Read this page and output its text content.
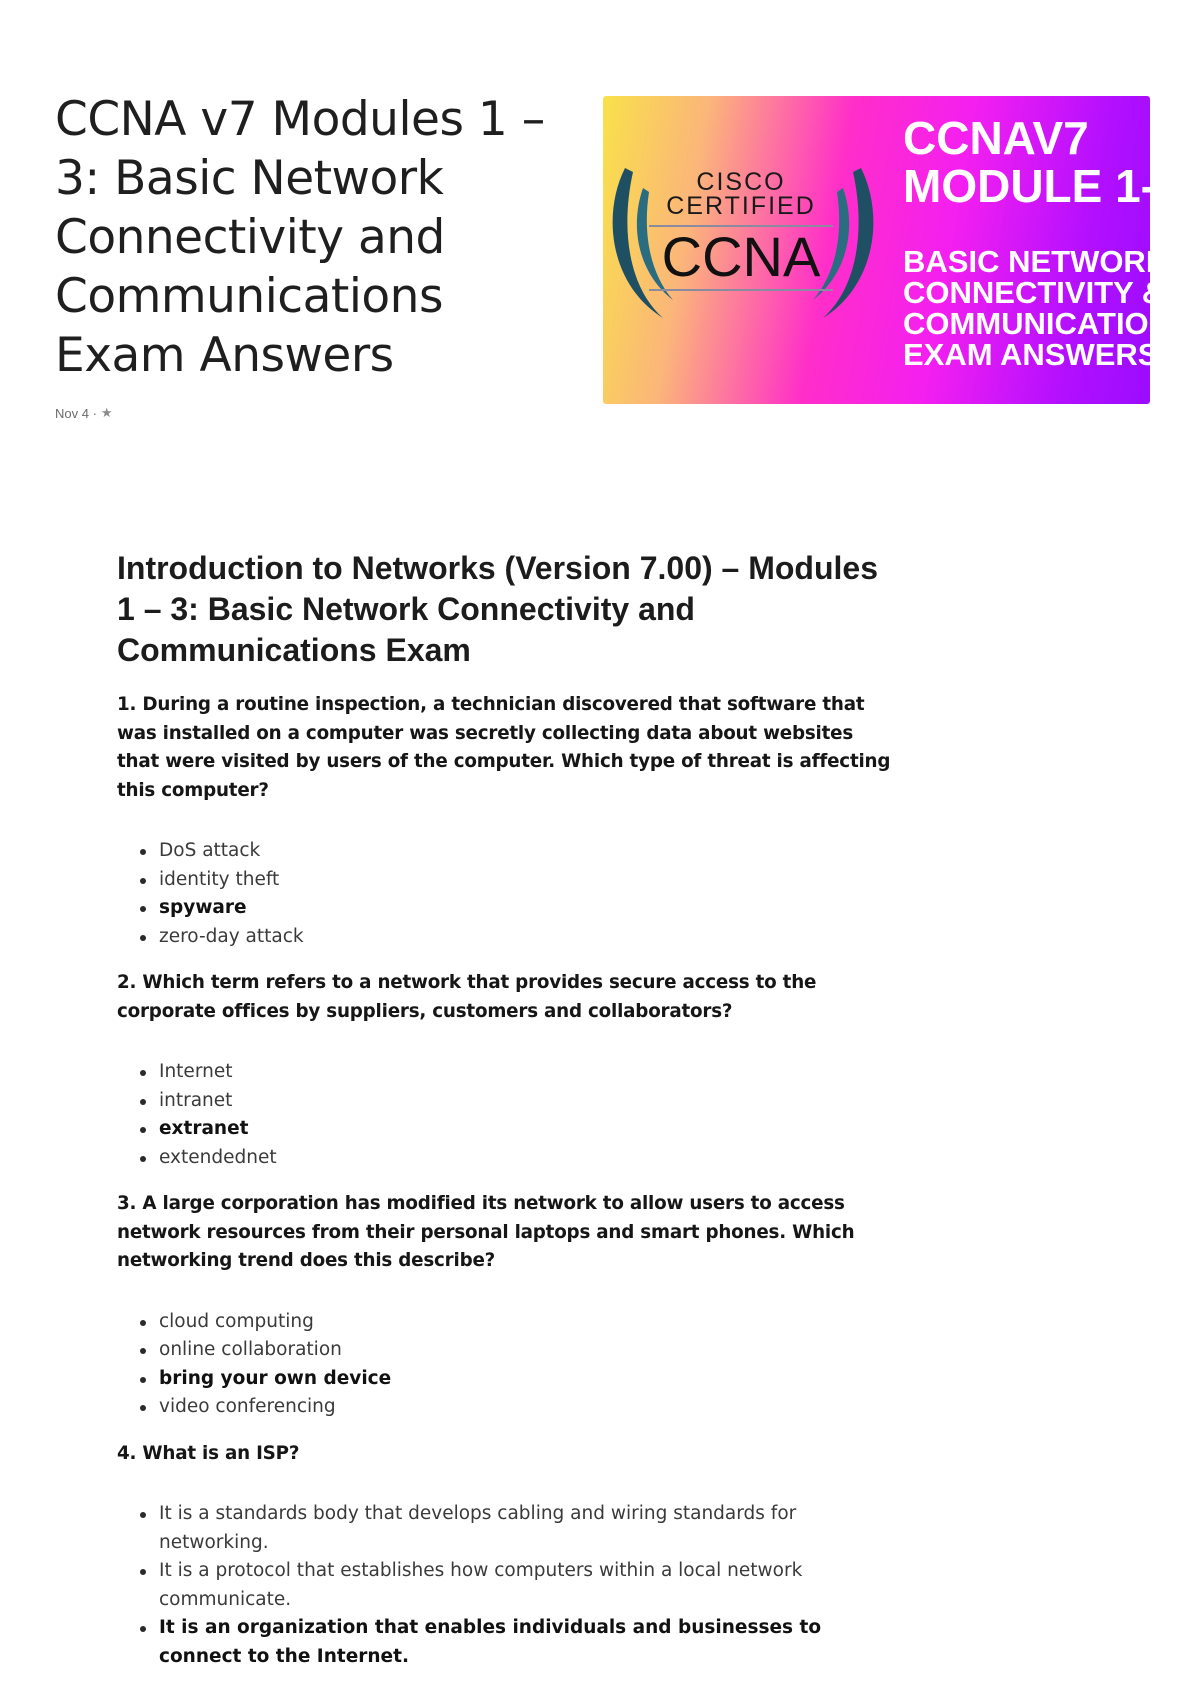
CCNA v7 Modules 1 – 3: Basic Network Connectivity and Communications Exam Answers
Nov 4 · ★
CISCO
CERTIFIED
CCNA
CCNAV7
MODULE 1-3
BASIC NETWORK
CONNECTIVITY &
COMMUNICATION
EXAM ANSWERS
Introduction to Networks (Version 7.00) – Modules 1 – 3: Basic Network Connectivity and Communications Exam

1. During a routine inspection, a technician discovered that software that was installed on a computer was secretly collecting data about websites that were visited by users of the computer. Which type of threat is affecting this computer?

DoS attack
identity theft
spyware
zero-day attack

2. Which term refers to a network that provides secure access to the corporate offices by suppliers, customers and collaborators?

Internet
intranet
extranet
extendednet

3. A large corporation has modified its network to allow users to access network resources from their personal laptops and smart phones. Which networking trend does this describe?

cloud computing
online collaboration
bring your own device
video conferencing

4. What is an ISP?

It is a standards body that develops cabling and wiring standards for networking.
It is a protocol that establishes how computers within a local network communicate.
It is an organization that enables individuals and businesses to connect to the Internet.
